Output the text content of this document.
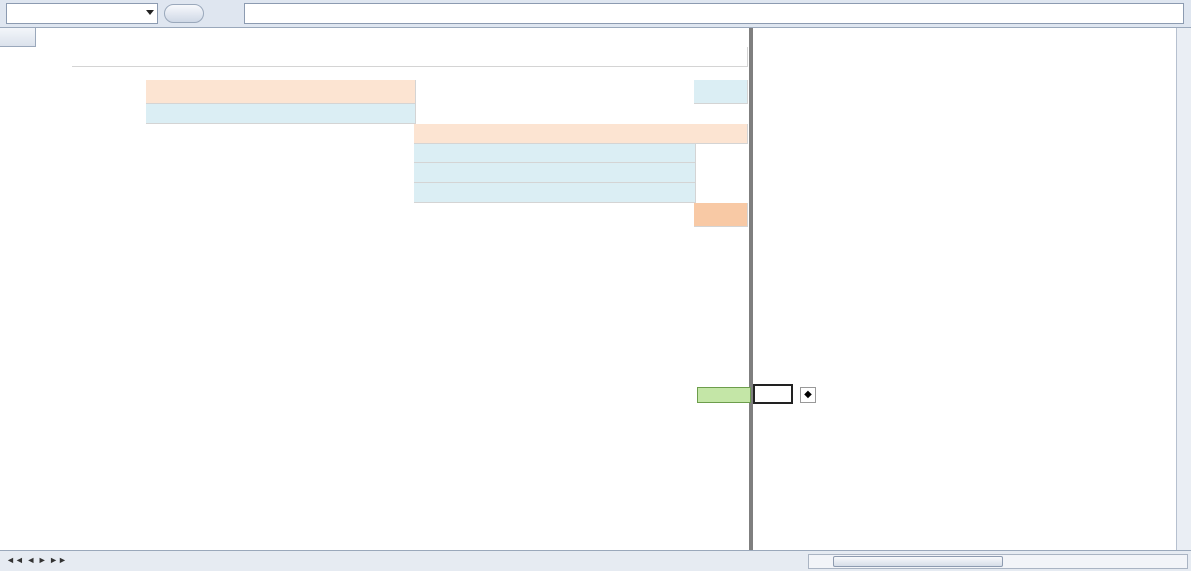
◆
◄◄ ◄ ► ►►
